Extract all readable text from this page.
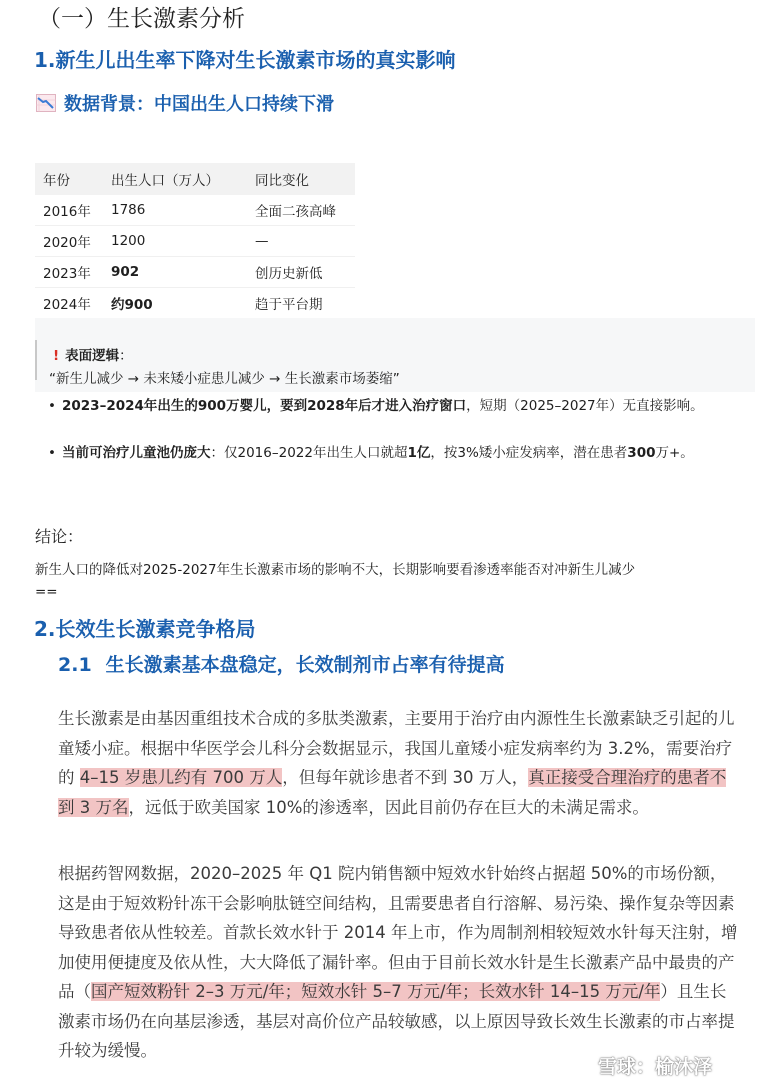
（一）生长激素分析
1.新生儿出生率下降对生长激素市场的真实影响
数据背景：中国出生人口持续下滑
年份	出生人口（万人）	同比变化
2016年	1786	全面二孩高峰
2020年	1200	—
2023年	902	创历史新低
2024年	约900	趋于平台期
! 表面逻辑：
“新生儿减少 → 未来矮小症患儿减少 → 生长激素市场萎缩”
• 2023–2024年出生的900万婴儿，要到2028年后才进入治疗窗口，短期（2025–2027年）无直接影响。
• 当前可治疗儿童池仍庞大：仅2016–2022年出生人口就超1亿，按3%矮小症发病率，潜在患者300万+。
结论：
新生人口的降低对2025-2027年生长激素市场的影响不大，长期影响要看渗透率能否对冲新生儿减少
==
2.长效生长激素竞争格局
2.1 生长激素基本盘稳定，长效制剂市占率有待提高
生长激素是由基因重组技术合成的多肽类激素，主要用于治疗由内源性生长激素缺乏引起的儿童矮小症。根据中华医学会儿科分会数据显示，我国儿童矮小症发病率约为 3.2%，需要治疗的 4–15 岁患儿约有 700 万人，但每年就诊患者不到 30 万人，真正接受合理治疗的患者不到 3 万名，远低于欧美国家 10%的渗透率，因此目前仍存在巨大的未满足需求。
根据药智网数据，2020–2025 年 Q1 院内销售额中短效水针始终占据超 50%的市场份额，这是由于短效粉针冻干会影响肽链空间结构，且需要患者自行溶解、易污染、操作复杂等因素导致患者依从性较差。首款长效水针于 2014 年上市，作为周制剂相较短效水针每天注射，增加使用便捷度及依从性，大大降低了漏针率。但由于目前长效水针是生长激素产品中最贵的产品（国产短效粉针 2–3 万元/年；短效水针 5–7 万元/年；长效水针 14–15 万元/年）且生长激素市场仍在向基层渗透，基层对高价位产品较敏感，以上原因导致长效生长激素的市占率提升较为缓慢。
雪球：榆沐泽
